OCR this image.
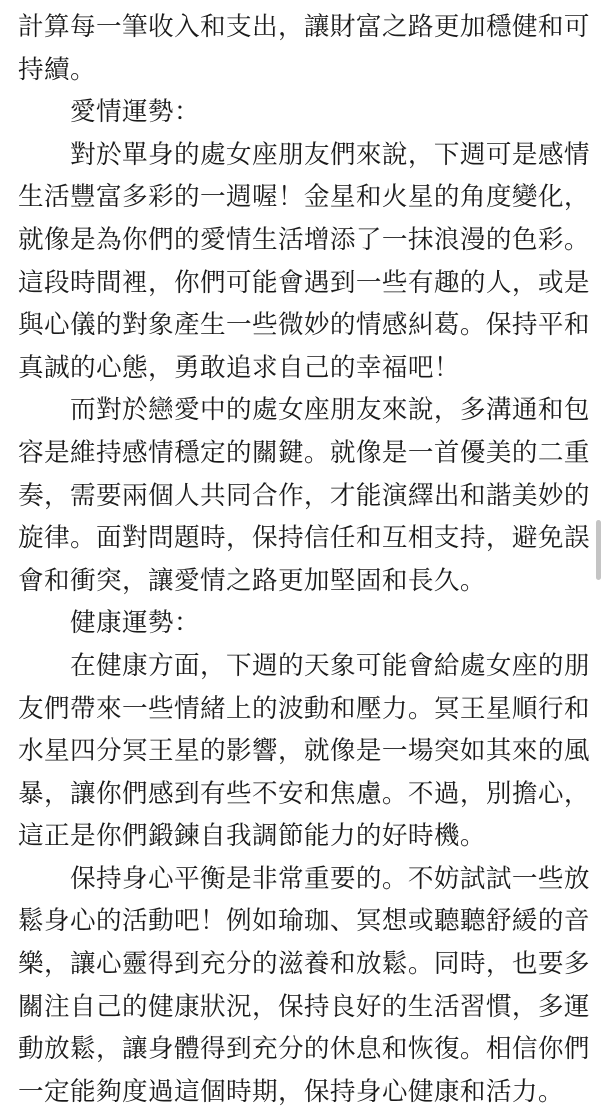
計算每一筆收入和支出，讓財富之路更加穩健和可
持續。
愛情運勢：
對於單身的處女座朋友們來說，下週可是感情
生活豐富多彩的一週喔！金星和火星的角度變化，
就像是為你們的愛情生活增添了一抹浪漫的色彩。
這段時間裡，你們可能會遇到一些有趣的人，或是
與心儀的對象產生一些微妙的情感糾葛。保持平和
真誠的心態，勇敢追求自己的幸福吧！
而對於戀愛中的處女座朋友來說，多溝通和包
容是維持感情穩定的關鍵。就像是一首優美的二重
奏，需要兩個人共同合作，才能演繹出和諧美妙的
旋律。面對問題時，保持信任和互相支持，避免誤
會和衝突，讓愛情之路更加堅固和長久。
健康運勢：
在健康方面，下週的天象可能會給處女座的朋
友們帶來一些情緒上的波動和壓力。冥王星順行和
水星四分冥王星的影響，就像是一場突如其來的風
暴，讓你們感到有些不安和焦慮。不過，別擔心，
這正是你們鍛鍊自我調節能力的好時機。
保持身心平衡是非常重要的。不妨試試一些放
鬆身心的活動吧！例如瑜珈、冥想或聽聽舒緩的音
樂，讓心靈得到充分的滋養和放鬆。同時，也要多
關注自己的健康狀況，保持良好的生活習慣，多運
動放鬆，讓身體得到充分的休息和恢復。相信你們
一定能夠度過這個時期，保持身心健康和活力。
